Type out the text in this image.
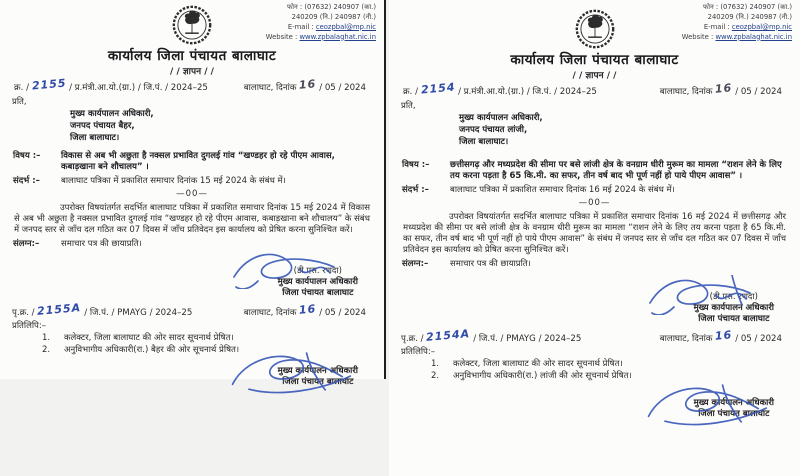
फोन : (07632) 240907 (का.)
240209 (नि.) 240987 (नी.)
E-mail : ceozpbal@mp.nic
Website : www.zpbalaghat.nic.in
कार्यालय जिला पंचायत बालाघाट
/ / ज्ञापन / /
क्र. / 2155 / प्र.मंत्री.आ.यो.(ग्रा.) / जि.पं. / 2024–25	बालाघाट, दिनांक 16 / 05 / 2024
प्रति,
मुख्य कार्यपालन अधिकारी,
जनपद पंचायत बैहर,
जिला बालाघाट।
विषय :–	विकास से अब भी अछुता है नक्सल प्रभावित दुगलई गांव “खण्डहर हो रहे पीएम आवास, कबाड़खाना बने शौचालय” ।
संदर्भ :–	बालाघाट पत्रिका में प्रकाशित समाचार दिनांक 15 मई 2024 के संबंध में।
—00—

उपरोक्त विषयांतर्गत सदर्भित बालाघाट पत्रिका में प्रकाशित समाचार दिनांक 15 मई 2024 में विकास से अब भी अछुता है नक्सल प्रभावित दुगलई गांव “खण्डहर हो रहे पीएम आवास, कबाड़खाना बने शौचालय” के संबंध में जनपद स्तर से जाँच दल गठित कर 07 दिवस में जाँच प्रतिवेदन इस कार्यालय को प्रेषित करना सुनिश्चित करें।

संलग्न:–	समाचार पत्र की छायाप्रति।
(डी.एस. रणदा)
मुख्य कार्यपालन अधिकारी
जिला पंचायत बालाघाट
पृ.क्र. / 2155A / जि.पं. / PMAYG / 2024–25	बालाघाट, दिनांक 16 / 05 / 2024
प्रतिलिपि:–
1.	कलेक्टर, जिला बालाघाट की ओर सादर सूचनार्थ प्रेषित।
2.	अनुविभागीय अधिकारी(रा.) बैहर की ओर सूचनार्थ प्रेषित।
मुख्य कार्यपालन अधिकारी
जिला पंचायत बालाघाट
फोन : (07632) 240907 (का.)
240209 (नि.) 240987 (नी.)
E-mail : ceozpbal@mp.nic
Website : www.zpbalaghat.nic.in
कार्यालय जिला पंचायत बालाघाट
/ / ज्ञापन / /
क्र. / 2154 / प्र.मंत्री.आ.यो.(ग्रा.) / जि.पं. / 2024–25	बालाघाट, दिनांक 16 / 05 / 2024
प्रति,
मुख्य कार्यपालन अधिकारी,
जनपद पंचायत लांजी,
जिला बालाघाट।
विषय :–	छत्तीसगढ़ और मध्यप्रदेश की सीमा पर बसे लांजी क्षेत्र के वनग्राम धीरी मुरूम का मामला “राशन लेने के लिए तय करना पड़ता है 65 कि.मी. का सफर, तीन वर्ष बाद भी पूर्ण नहीं हो पाये पीएम आवास” ।
संदर्भ :–	बालाघाट पत्रिका में प्रकाशित समाचार दिनांक 16 मई 2024 के संबंध में।
—00—

उपरोक्त विषयांतर्गत सदर्भित बालाघाट पत्रिका में प्रकाशित समाचार दिनांक 16 मई 2024 में छत्तीसगढ़ और मध्यप्रदेश की सीमा पर बसे लांजी क्षेत्र के वनग्राम धीरी मुरूम का मामला “राशन लेने के लिए तय करना पड़ता है 65 कि.मी. का सफर, तीन वर्ष बाद भी पूर्ण नहीं हो पाये पीएम आवास” के संबंध में जनपद स्तर से जाँच दल गठित कर 07 दिवस में जाँच प्रतिवेदन इस कार्यालय को प्रेषित करना सुनिश्चित करें।

संलग्न:–	समाचार पत्र की छायाप्रति।
(डी.एस. रणदा)
मुख्य कार्यपालन अधिकारी
जिला पंचायत बालाघाट
पृ.क्र. / 2154A / जि.पं. / PMAYG / 2024–25	बालाघाट, दिनांक 16 / 05 / 2024
प्रतिलिपि:–
1.	कलेक्टर, जिला बालाघाट की ओर सादर सूचनार्थ प्रेषित।
2.	अनुविभागीय अधिकारी(रा.) लांजी की ओर सूचनार्थ प्रेषित।
मुख्य कार्यपालन अधिकारी
जिला पंचायत बालाघाट
